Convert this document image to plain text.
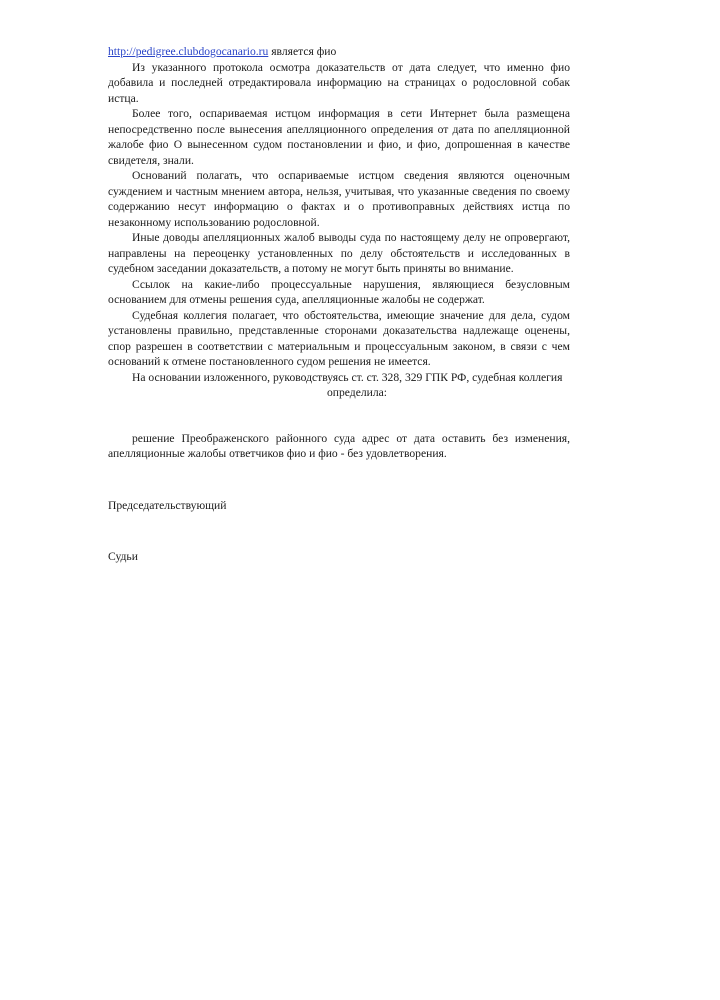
http://pedigree.clubdogocanario.ru является фио

Из указанного протокола осмотра доказательств от дата следует, что именно фио добавила и последней отредактировала информацию на страницах о родословной собак истца.

Более того, оспариваемая истцом информация в сети Интернет была размещена непосредственно после вынесения апелляционного определения от дата по апелляционной жалобе фио О вынесенном судом постановлении и фио, и фио, допрошенная в качестве свидетеля, знали.

Оснований полагать, что оспариваемые истцом сведения являются оценочным суждением и частным мнением автора, нельзя, учитывая, что указанные сведения по своему содержанию несут информацию о фактах и о противоправных действиях истца по незаконному использованию родословной.

Иные доводы апелляционных жалоб выводы суда по настоящему делу не опровергают, направлены на переоценку установленных по делу обстоятельств и исследованных в судебном заседании доказательств, а потому не могут быть приняты во внимание.

Ссылок на какие-либо процессуальные нарушения, являющиеся безусловным основанием для отмены решения суда, апелляционные жалобы не содержат.

Судебная коллегия полагает, что обстоятельства, имеющие значение для дела, судом установлены правильно, представленные сторонами доказательства надлежаще оценены, спор разрешен в соответствии с материальным и процессуальным законом, в связи с чем оснований к отмене постановленного судом решения не имеется.

На основании изложенного, руководствуясь ст. ст. 328, 329 ГПК РФ, судебная коллегия

определила:

решение Преображенского районного суда адрес от дата оставить без изменения, апелляционные жалобы ответчиков фио и фио - без удовлетворения.

Председательствующий

Судьи
